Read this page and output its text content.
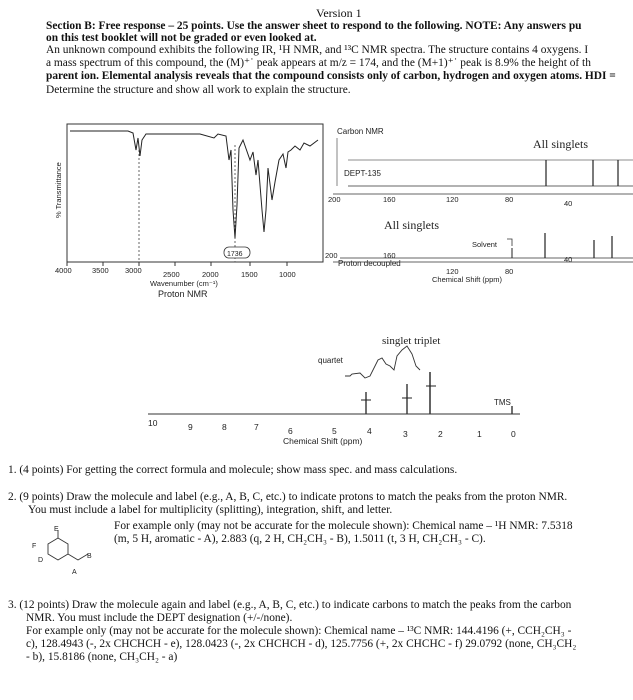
Version 1
Section B: Free response – 25 points. Use the answer sheet to respond to the following. NOTE: Any answers pu
on this test booklet will not be graded or even looked at.
An unknown compound exhibits the following IR, ¹H NMR, and ¹³C NMR spectra. The structure contains 4 oxygens. I
a mass spectrum of this compound, the (M)⁺˙ peak appears at m/z = 174, and the (M+1)⁺˙ peak is 8.9% the height of th
parent ion. Elemental analysis reveals that the compound consists only of carbon, hydrogen and oxygen atoms. HDI =
Determine the structure and show all work to explain the structure.
1736
% Transmittance
4000	3500 3000	2500	2000	1500	1000
Wavenumber (cm⁻¹)
Carbon NMR
All singlets
DEPT-135
200	160	120	80	40
All singlets
Solvent
Proton decoupled
200	160
120	80
40
Chemical Shift (ppm)
Proton NMR
quartet
singlet triplet
TMS
10	9	8	7	6	5	4	3	2	1	0
Chemical Shift (ppm)
1. (4 points) For getting the correct formula and molecule; show mass spec. and mass calculations.
2. (9 points) Draw the molecule and label (e.g., A, B, C, etc.) to indicate protons to match the peaks from the proton NMR.
You must include a label for multiplicity (splitting), integration, shift, and letter.
For example only (may not be accurate for the molecule shown): Chemical name – ¹H NMR: 7.5318
(m, 5 H, aromatic - A), 2.883 (q, 2 H, CH₂CH₃ - B), 1.5011 (t, 3 H, CH₂CH₃ - C).
E
D
F
B
A
3. (12 points) Draw the molecule again and label (e.g., A, B, C, etc.) to indicate carbons to match the peaks from the carbon
NMR. You must include the DEPT designation (+/-/none).
For example only (may not be accurate for the molecule shown): Chemical name – ¹³C NMR: 144.4196 (+, CCH₂CH₃ -
c), 128.4943 (-, 2x CHCHCH - e), 128.0423 (-, 2x CHCHCH - d), 125.7756 (+, 2x CHCHC - f) 29.0792 (none, CH₃CH₂
- b), 15.8186 (none, CH₃CH₂ - a)
